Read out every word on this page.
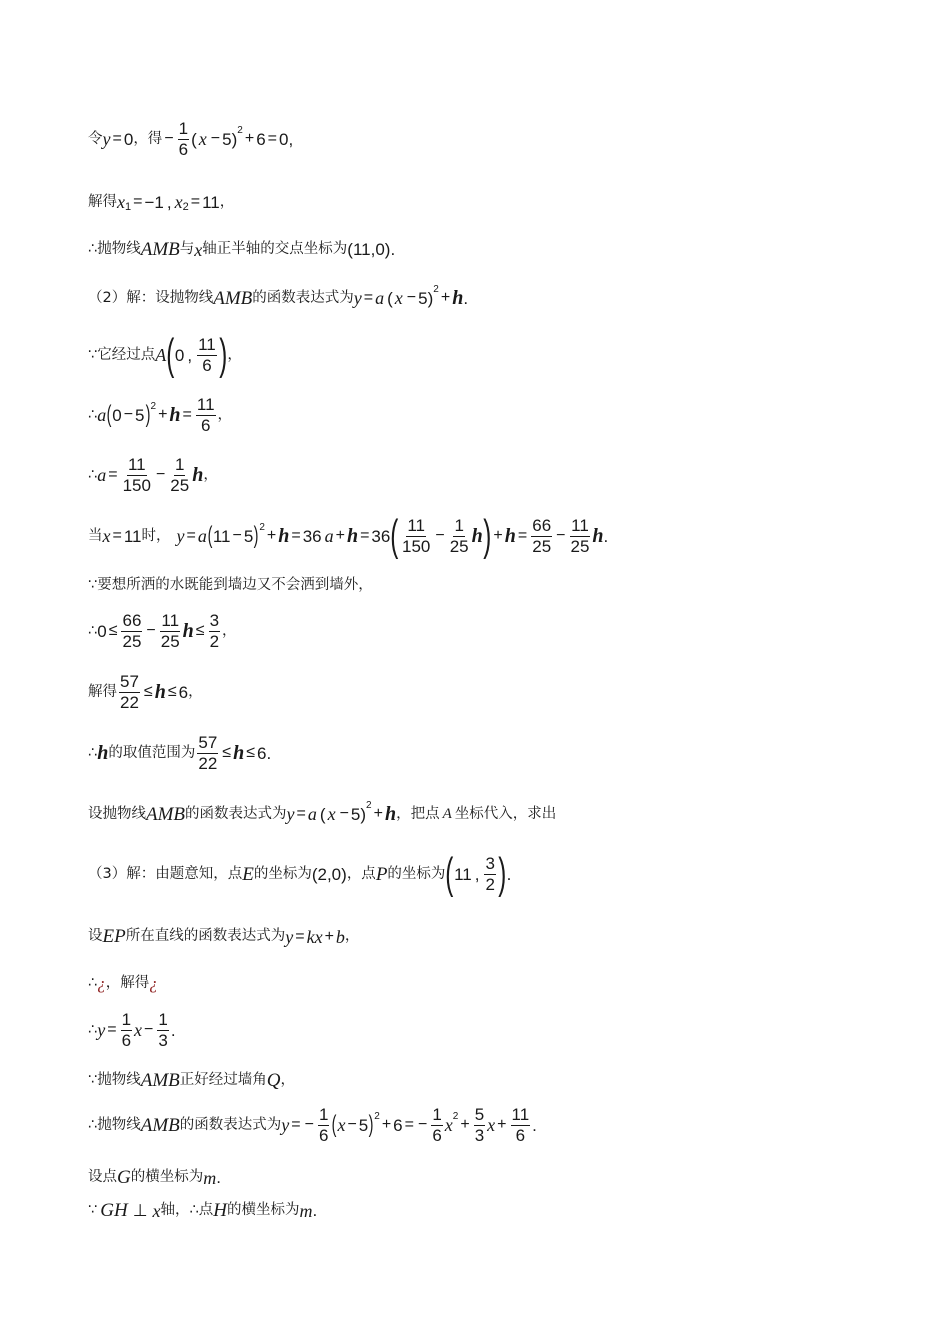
令 y = 0 ，得 − $\frac{1}{6}$ ( x − 5 )$^2$ + 6 = 0 ,
解得 $x_1 = -1$ , $x_2 = 11$ ，
∴ 抛物线 AMB 与 x 轴正半轴的交点坐标为 (11,0) .
（2）解：设抛物线 AMB 的函数表达式为 y = a ( x − 5 )$^2$ + h .
∵ 它经过点 A ( 0 , $\frac{11}{6}$ ) ，
∴ a ( 0 − 5 )$^2 + h = \frac{11}{6}$ ，
∴ $a = \frac{11}{150} - \frac{1}{25}$ h ，
当 x = 11 时， y = a ( 11 − 5 )$^2$ + h = 36 a + h = 36 ( $\frac{11}{150} - \frac{1}{25}$ h ) + $h = \frac{66}{25} - \frac{11}{25}$ h .
∵ 要想所洒的水既能到墙边又不会洒到墙外，
∴ $0 \le \frac{66}{25} - \frac{11}{25}$ $h \le \frac{3}{2}$ ，
解得 $\frac{57}{22} \le h \le 6$ ，
∴ h 的取值范围为 $\frac{57}{22} \le h \le 6$ .
设抛物线 AMB 的函数表达式为 y = a ( x − 5 )$^2$ + h ，把点 A 坐标代入，求出
（3）解：由题意知，点 E 的坐标为 (2,0) ，点 P 的坐标为 ( 11 , $\frac{3}{2}$ ) .
设 EP 所在直线的函数表达式为 y = k x + b ，
∴ ¿ ，解得 ¿
∴ $y = \frac{1}{6}$ $x - \frac{1}{3}$ .
∵ 抛物线 AMB 正好经过墙角 Q ，
∴ 抛物线 AMB 的函数表达式为 y = − $\frac{1}{6}$ ( x − 5 )$^2$ + 6 = − $\frac{1}{6} x^2 + \frac{5}{3}$ $x + \frac{11}{6}$ .
设点 G 的横坐标为 m .
∵ GH ⊥ x 轴， ∴ 点 H 的横坐标为 m .
